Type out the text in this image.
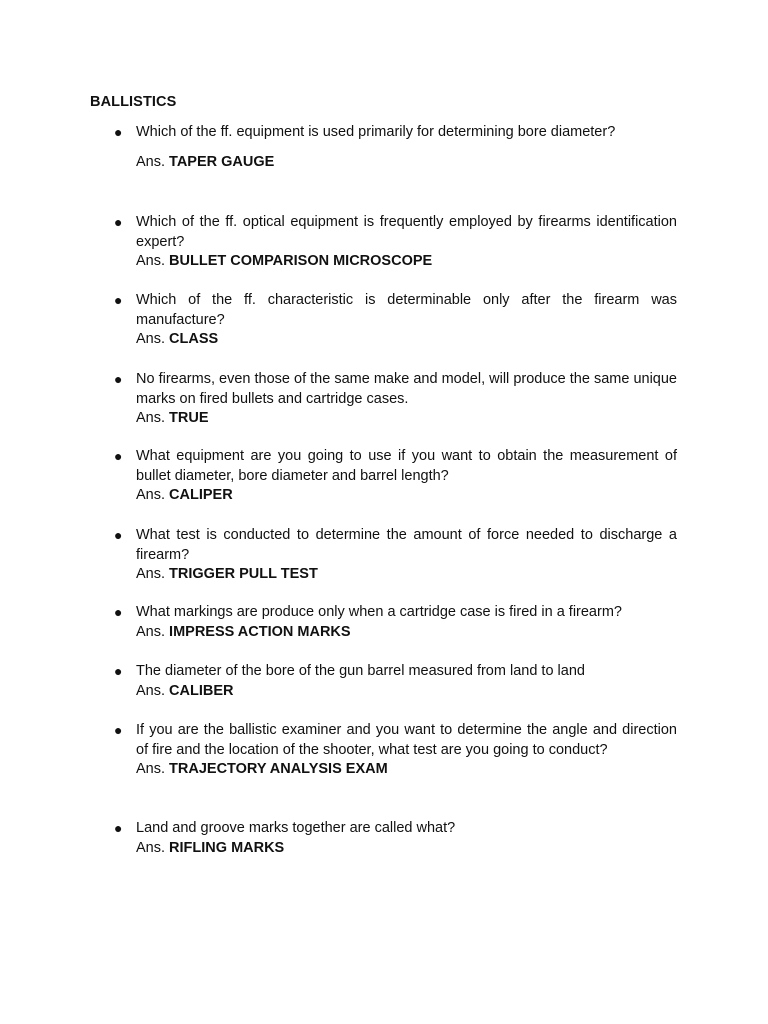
BALLISTICS
● Which of the ff. equipment is used primarily for determining bore diameter?
Ans. TAPER GAUGE
● Which of the ff. optical equipment is frequently employed by firearms identification expert?
Ans. BULLET COMPARISON MICROSCOPE
● Which of the ff. characteristic is determinable only after the firearm was manufacture?
Ans. CLASS
● No firearms, even those of the same make and model, will produce the same unique marks on fired bullets and cartridge cases.
Ans. TRUE
● What equipment are you going to use if you want to obtain the measurement of bullet diameter, bore diameter and barrel length?
Ans. CALIPER
● What test is conducted to determine the amount of force needed to discharge a firearm?
Ans. TRIGGER PULL TEST
● What markings are produce only when a cartridge case is fired in a firearm?
Ans. IMPRESS ACTION MARKS
● The diameter of the bore of the gun barrel measured from land to land
Ans. CALIBER
● If you are the ballistic examiner and you want to determine the angle and direction of fire and the location of the shooter, what test are you going to conduct?
Ans. TRAJECTORY ANALYSIS EXAM
● Land and groove marks together are called what?
Ans. RIFLING MARKS
